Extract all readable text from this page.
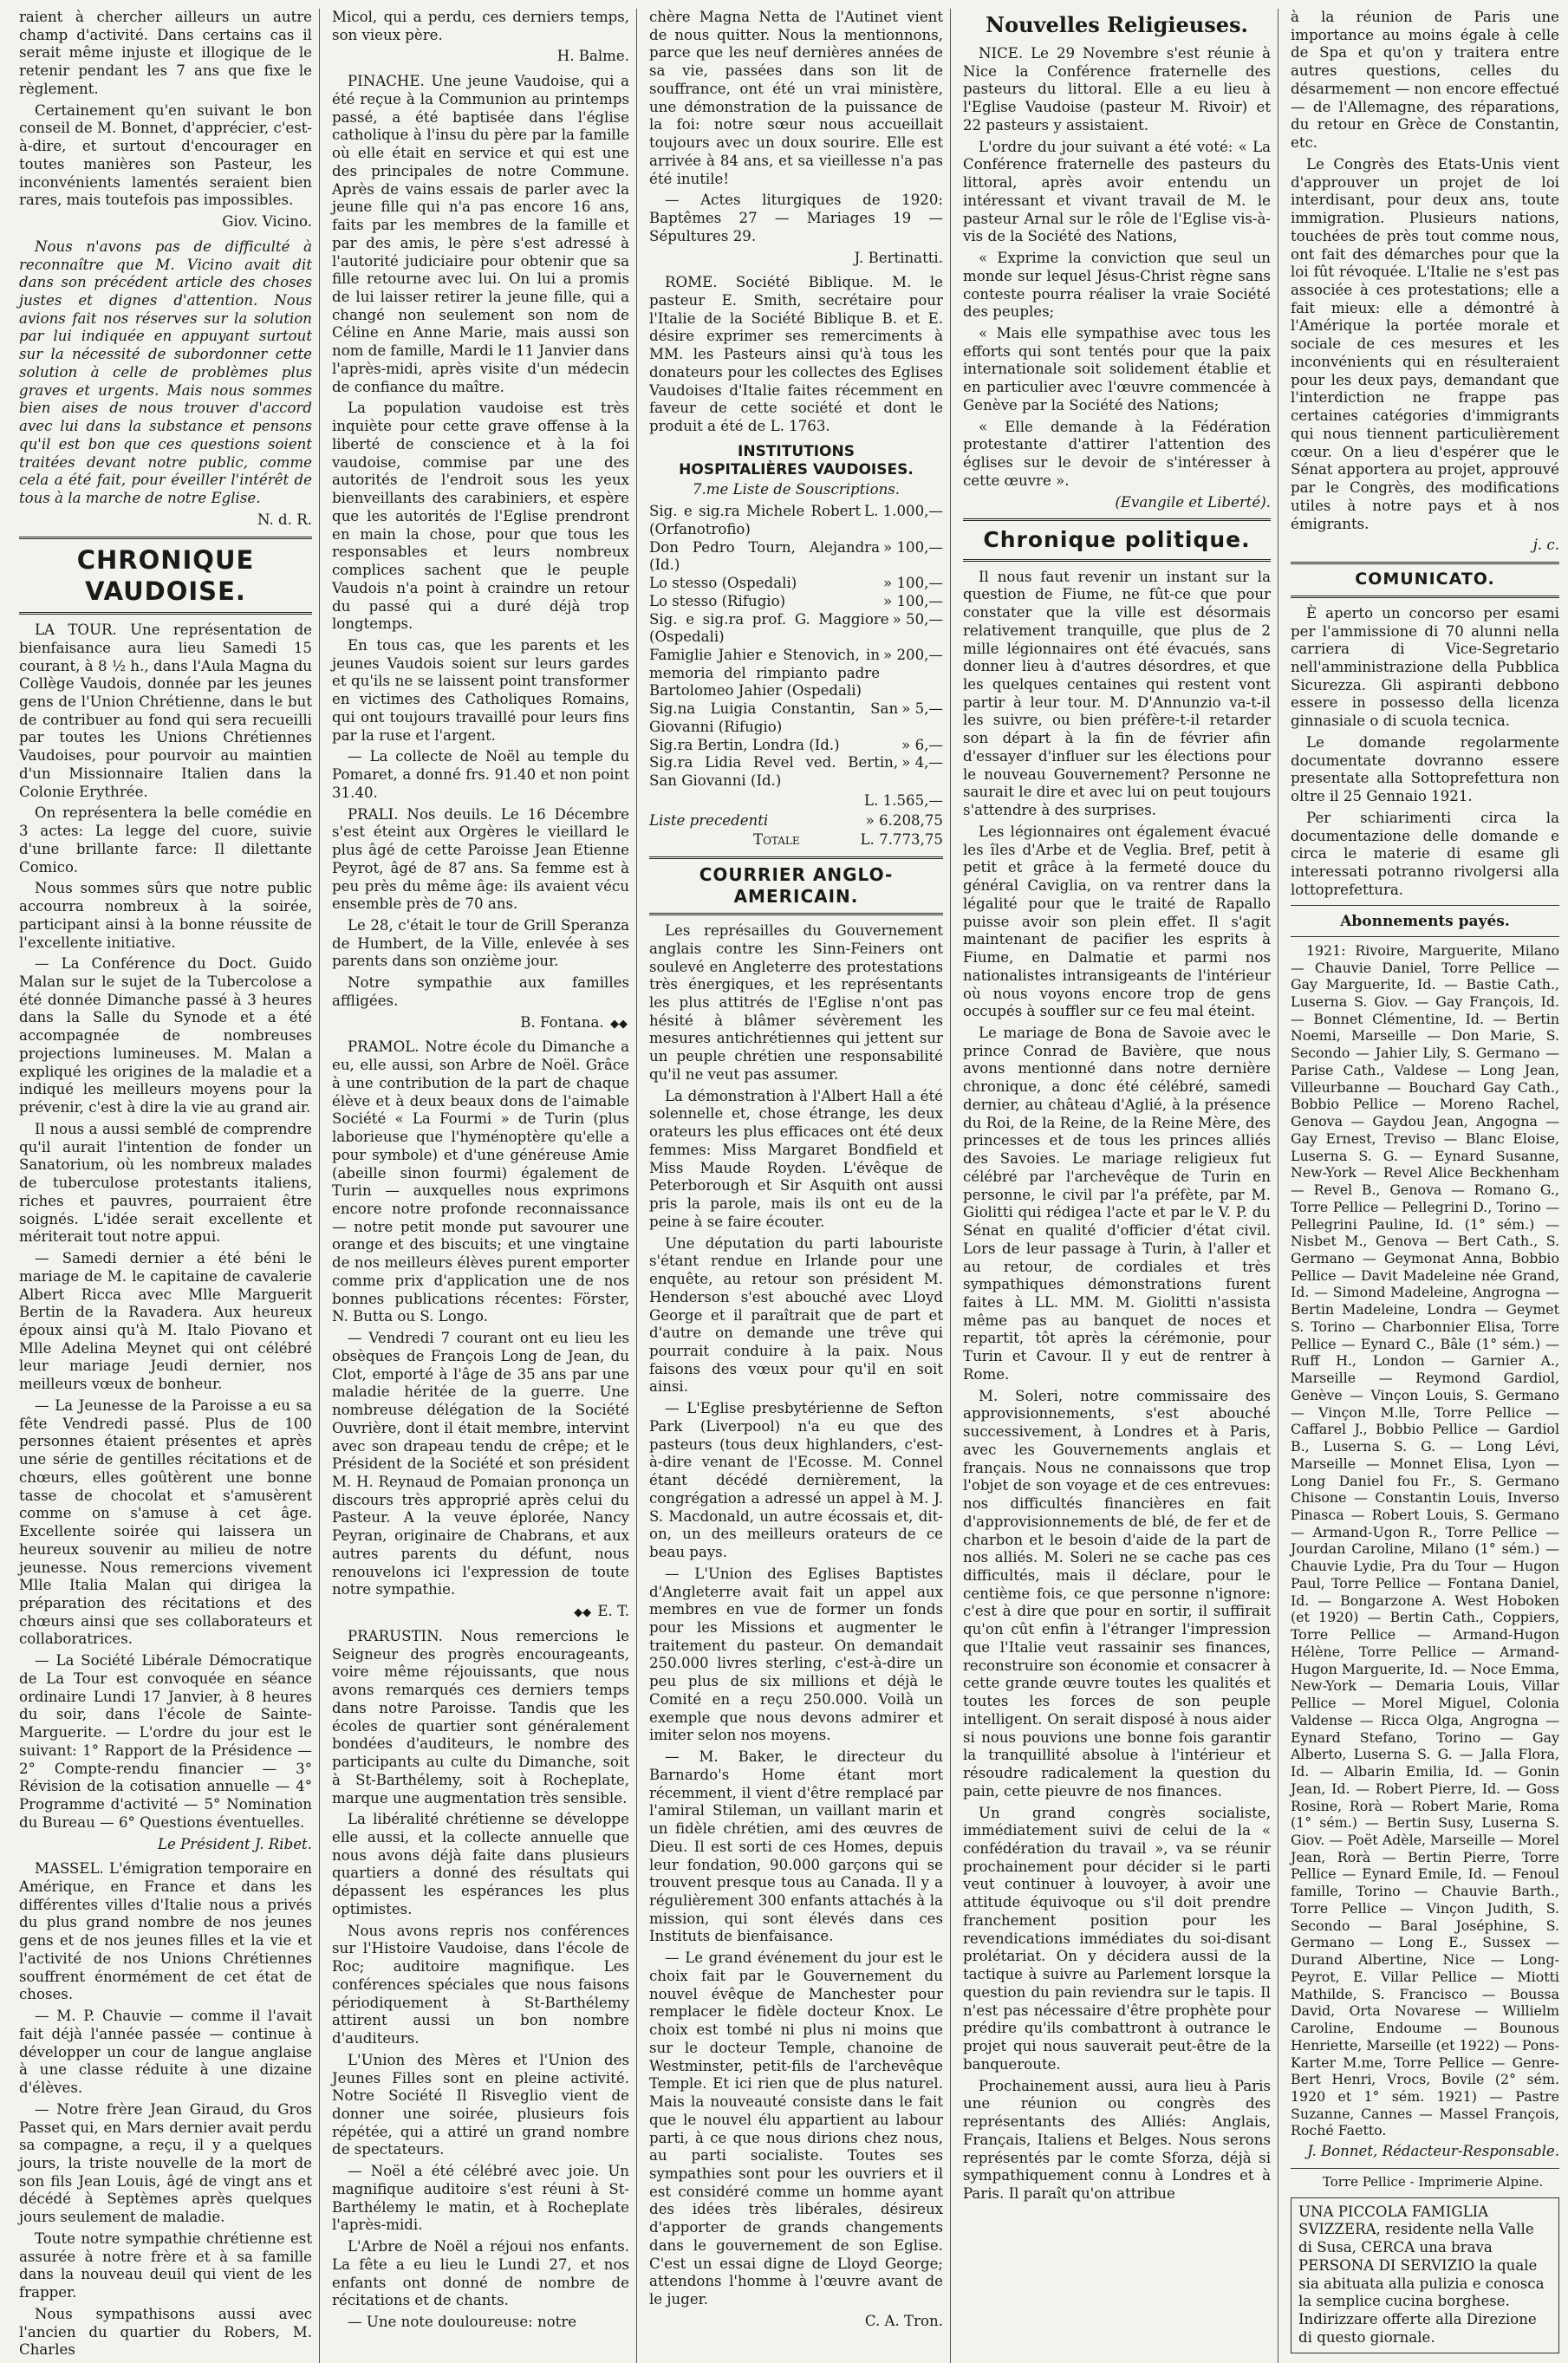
raient à chercher ailleurs un autre champ d'activité. Dans certains cas il serait même injuste et illogique de le retenir pendant les 7 ans que fixe le règlement.

Certainement qu'en suivant le bon conseil de M. Bonnet, d'apprécier, c'est-à-dire, et surtout d'encourager en toutes manières son Pasteur, les inconvénients lamentés seraient bien rares, mais toutefois pas impossibles.

Giov. Vicino.

Nous n'avons pas de difficulté à reconnaître que M. Vicino avait dit dans son précédent article des choses justes et dignes d'attention. Nous avions fait nos réserves sur la solution par lui indiquée en appuyant surtout sur la nécessité de subordonner cette solution à celle de problèmes plus graves et urgents. Mais nous sommes bien aises de nous trouver d'accord avec lui dans la substance et pensons qu'il est bon que ces questions soient traitées devant notre public, comme cela a été fait, pour éveiller l'intérêt de tous à la marche de notre Eglise.

N. d. R.

CHRONIQUE VAUDOISE.

LA TOUR. Une représentation de bienfaisance aura lieu Samedi 15 courant, à 8 ½ h., dans l'Aula Magna du Collège Vaudois, donnée par les jeunes gens de l'Union Chrétienne, dans le but de contribuer au fond qui sera recueilli par toutes les Unions Chrétiennes Vaudoises, pour pourvoir au maintien d'un Missionnaire Italien dans la Colonie Erythrée.

On représentera la belle comédie en 3 actes: La legge del cuore, suivie d'une brillante farce: Il dilettante Comico.

Nous sommes sûrs que notre public accourra nombreux à la soirée, participant ainsi à la bonne réussite de l'excellente initiative.

— La Conférence du Doct. Guido Malan sur le sujet de la Tubercolose a été donnée Dimanche passé à 3 heures dans la Salle du Synode et a été accompagnée de nombreuses projections lumineuses. M. Malan a expliqué les origines de la maladie et a indiqué les meilleurs moyens pour la prévenir, c'est à dire la vie au grand air.

Il nous a aussi semblé de comprendre qu'il aurait l'intention de fonder un Sanatorium, où les nombreux malades de tuberculose protestants italiens, riches et pauvres, pourraient être soignés. L'idée serait excellente et mériterait tout notre appui.

— Samedi dernier a été béni le mariage de M. le capitaine de cavalerie Albert Ricca avec Mlle Marguerit Bertin de la Ravadera. Aux heureux époux ainsi qu'à M. Italo Piovano et Mlle Adelina Meynet qui ont célébré leur mariage Jeudi dernier, nos meilleurs vœux de bonheur.

— La Jeunesse de la Paroisse a eu sa fête Vendredi passé. Plus de 100 personnes étaient présentes et après une série de gentilles récitations et de chœurs, elles goûtèrent une bonne tasse de chocolat et s'amusèrent comme on s'amuse à cet âge. Excellente soirée qui laissera un heureux souvenir au milieu de notre jeunesse. Nous remercions vivement Mlle Italia Malan qui dirigea la préparation des récitations et des chœurs ainsi que ses collaborateurs et collaboratrices.

— La Société Libérale Démocratique de La Tour est convoquée en séance ordinaire Lundi 17 Janvier, à 8 heures du soir, dans l'école de Sainte-Marguerite. — L'ordre du jour est le suivant: 1° Rapport de la Présidence — 2° Compte-rendu financier — 3° Révision de la cotisation annuelle — 4° Programme d'activité — 5° Nomination du Bureau — 6° Questions éventuelles.

Le Président J. Ribet.

MASSEL. L'émigration temporaire en Amérique, en France et dans les différentes villes d'Italie nous a privés du plus grand nombre de nos jeunes gens et de nos jeunes filles et la vie et l'activité de nos Unions Chrétiennes souffrent énormément de cet état de choses.

— M. P. Chauvie — comme il l'avait fait déjà l'année passée — continue à développer un cour de langue anglaise à une classe réduite à une dizaine d'élèves.

— Notre frère Jean Giraud, du Gros Passet qui, en Mars dernier avait perdu sa compagne, a reçu, il y a quelques jours, la triste nouvelle de la mort de son fils Jean Louis, âgé de vingt ans et décédé à Septèmes après quelques jours seulement de maladie.

Toute notre sympathie chrétienne est assurée à notre frère et à sa famille dans la nouveau deuil qui vient de les frapper.

Nous sympathisons aussi avec l'ancien du quartier du Robers, M. Charles

Micol, qui a perdu, ces derniers temps, son vieux père.

H. Balme.

PINACHE. Une jeune Vaudoise, qui a été reçue à la Communion au printemps passé, a été baptisée dans l'église catholique à l'insu du père par la famille où elle était en service et qui est une des principales de notre Commune. Après de vains essais de parler avec la jeune fille qui n'a pas encore 16 ans, faits par les membres de la famille et par des amis, le père s'est adressé à l'autorité judiciaire pour obtenir que sa fille retourne avec lui. On lui a promis de lui laisser retirer la jeune fille, qui a changé non seulement son nom de Céline en Anne Marie, mais aussi son nom de famille, Mardi le 11 Janvier dans l'après-midi, après visite d'un médecin de confiance du maître.

La population vaudoise est très inquiète pour cette grave offense à la liberté de conscience et à la foi vaudoise, commise par une des autorités de l'endroit sous les yeux bienveillants des carabiniers, et espère que les autorités de l'Eglise prendront en main la chose, pour que tous les responsables et leurs nombreux complices sachent que le peuple Vaudois n'a point à craindre un retour du passé qui a duré déjà trop longtemps.

En tous cas, que les parents et les jeunes Vaudois soient sur leurs gardes et qu'ils ne se laissent point transformer en victimes des Catholiques Romains, qui ont toujours travaillé pour leurs fins par la ruse et l'argent.

— La collecte de Noël au temple du Pomaret, a donné frs. 91.40 et non point 31.40.

PRALI. Nos deuils. Le 16 Décembre s'est éteint aux Orgères le vieillard le plus âgé de cette Paroisse Jean Etienne Peyrot, âgé de 87 ans. Sa femme est à peu près du même âge: ils avaient vécu ensemble près de 70 ans.

Le 28, c'était le tour de Grill Speranza de Humbert, de la Ville, enlevée à ses parents dans son onzième jour.

Notre sympathie aux familles affligées.

B. Fontana. ◆◆

PRAMOL. Notre école du Dimanche a eu, elle aussi, son Arbre de Noël. Grâce à une contribution de la part de chaque élève et à deux beaux dons de l'aimable Société « La Fourmi » de Turin (plus laborieuse que l'hyménoptère qu'elle a pour symbole) et d'une généreuse Amie (abeille sinon fourmi) également de Turin — auxquelles nous exprimons encore notre profonde reconnaissance — notre petit monde put savourer une orange et des biscuits; et une vingtaine de nos meilleurs élèves purent emporter comme prix d'application une de nos bonnes publications récentes: Förster, N. Butta ou S. Longo.

— Vendredi 7 courant ont eu lieu les obsèques de François Long de Jean, du Clot, emporté à l'âge de 35 ans par une maladie héritée de la guerre. Une nombreuse délégation de la Société Ouvrière, dont il était membre, intervint avec son drapeau tendu de crêpe; et le Président de la Société et son président M. H. Reynaud de Pomaian prononça un discours très approprié après celui du Pasteur. A la veuve éplorée, Nancy Peyran, originaire de Chabrans, et aux autres parents du défunt, nous renouvelons ici l'expression de toute notre sympathie.

◆◆ E. T.

PRARUSTIN. Nous remercions le Seigneur des progrès encourageants, voire même réjouissants, que nous avons remarqués ces derniers temps dans notre Paroisse. Tandis que les écoles de quartier sont généralement bondées d'auditeurs, le nombre des participants au culte du Dimanche, soit à St-Barthélemy, soit à Rocheplate, marque une augmentation très sensible.

La libéralité chrétienne se développe elle aussi, et la collecte annuelle que nous avons déjà faite dans plusieurs quartiers a donné des résultats qui dépassent les espérances les plus optimistes.

Nous avons repris nos conférences sur l'Histoire Vaudoise, dans l'école de Roc; auditoire magnifique. Les conférences spéciales que nous faisons périodiquement à St-Barthélemy attirent aussi un bon nombre d'auditeurs.

L'Union des Mères et l'Union des Jeunes Filles sont en pleine activité. Notre Société Il Risveglio vient de donner une soirée, plusieurs fois répétée, qui a attiré un grand nombre de spectateurs.

— Noël a été célébré avec joie. Un magnifique auditoire s'est réuni à St-Barthélemy le matin, et à Rocheplate l'après-midi.

L'Arbre de Noël a réjoui nos enfants. La fête a eu lieu le Lundi 27, et nos enfants ont donné de nombre de récitations et de chants.

— Une note douloureuse: notre

chère Magna Netta de l'Autinet vient de nous quitter. Nous la mentionnons, parce que les neuf dernières années de sa vie, passées dans son lit de souffrance, ont été un vrai ministère, une démonstration de la puissance de la foi: notre sœur nous accueillait toujours avec un doux sourire. Elle est arrivée à 84 ans, et sa vieillesse n'a pas été inutile!

— Actes liturgiques de 1920: Baptêmes 27 — Mariages 19 — Sépultures 29.

J. Bertinatti.

ROME. Société Biblique. M. le pasteur E. Smith, secrétaire pour l'Italie de la Société Biblique B. et E. désire exprimer ses remerciments à MM. les Pasteurs ainsi qu'à tous les donateurs pour les collectes des Eglises Vaudoises d'Italie faites récemment en faveur de cette société et dont le produit a été de L. 1763.

INSTITUTIONS
HOSPITALIÈRES VAUDOISES.

7.me Liste de Souscriptions.

Sig. e sig.ra Michele Robert (Orfanotrofio)
L. 1.000,—
Don Pedro Tourn, Alejandra (Id.)
» 100,—
Lo stesso (Ospedali)	» 100,—
Lo stesso (Rifugio)	» 100,—
Sig. e sig.ra prof. G. Maggiore (Ospedali)
» 50,—
Famiglie Jahier e Stenovich, in memoria del rimpianto padre Bartolomeo Jahier (Ospedali)
» 200,—
Sig.na Luigia Constantin, San Giovanni (Rifugio)
» 5,—
Sig.ra Bertin, Londra (Id.)	» 6,—
Sig.ra Lidia Revel ved. Bertin, San Giovanni (Id.)
» 4,—
L. 1.565,—
Liste precedenti	» 6.208,75
Totale	L. 7.773,75
COURRIER ANGLO-AMERICAIN.

Les représailles du Gouvernement anglais contre les Sinn-Feiners ont soulevé en Angleterre des protestations très énergiques, et les représentants les plus attitrés de l'Eglise n'ont pas hésité à blâmer sévèrement les mesures antichrétiennes qui jettent sur un peuple chrétien une responsabilité qu'il ne veut pas assumer.

La démonstration à l'Albert Hall a été solennelle et, chose étrange, les deux orateurs les plus efficaces ont été deux femmes: Miss Margaret Bondfield et Miss Maude Royden. L'évêque de Peterborough et Sir Asquith ont aussi pris la parole, mais ils ont eu de la peine à se faire écouter.

Une députation du parti labouriste s'étant rendue en Irlande pour une enquête, au retour son président M. Henderson s'est abouché avec Lloyd George et il paraîtrait que de part et d'autre on demande une trêve qui pourrait conduire à la paix. Nous faisons des vœux pour qu'il en soit ainsi.

— L'Eglise presbytérienne de Sefton Park (Liverpool) n'a eu que des pasteurs (tous deux highlanders, c'est-à-dire venant de l'Ecosse. M. Connel étant décédé dernièrement, la congrégation a adressé un appel à M. J. S. Macdonald, un autre écossais et, dit-on, un des meilleurs orateurs de ce beau pays.

— L'Union des Eglises Baptistes d'Angleterre avait fait un appel aux membres en vue de former un fonds pour les Missions et augmenter le traitement du pasteur. On demandait 250.000 livres sterling, c'est-à-dire un peu plus de six millions et déjà le Comité en a reçu 250.000. Voilà un exemple que nous devons admirer et imiter selon nos moyens.

— M. Baker, le directeur du Barnardo's Home étant mort récemment, il vient d'être remplacé par l'amiral Stileman, un vaillant marin et un fidèle chrétien, ami des œuvres de Dieu. Il est sorti de ces Homes, depuis leur fondation, 90.000 garçons qui se trouvent presque tous au Canada. Il y a régulièrement 300 enfants attachés à la mission, qui sont élevés dans ces Instituts de bienfaisance.

— Le grand événement du jour est le choix fait par le Gouvernement du nouvel évêque de Manchester pour remplacer le fidèle docteur Knox. Le choix est tombé ni plus ni moins que sur le docteur Temple, chanoine de Westminster, petit-fils de l'archevêque Temple. Et ici rien que de plus naturel. Mais la nouveauté consiste dans le fait que le nouvel élu appartient au labour parti, à ce que nous dirions chez nous, au parti socialiste. Toutes ses sympathies sont pour les ouvriers et il est considéré comme un homme ayant des idées très libérales, désireux d'apporter de grands changements dans le gouvernement de son Eglise. C'est un essai digne de Lloyd George; attendons l'homme à l'œuvre avant de le juger.

C. A. Tron.

Nouvelles Religieuses.

NICE. Le 29 Novembre s'est réunie à Nice la Conférence fraternelle des pasteurs du littoral. Elle a eu lieu à l'Eglise Vaudoise (pasteur M. Rivoir) et 22 pasteurs y assistaient.

L'ordre du jour suivant a été voté: « La Conférence fraternelle des pasteurs du littoral, après avoir entendu un intéressant et vivant travail de M. le pasteur Arnal sur le rôle de l'Eglise vis-à-vis de la Société des Nations,

« Exprime la conviction que seul un monde sur lequel Jésus-Christ règne sans conteste pourra réaliser la vraie Société des peuples;

« Mais elle sympathise avec tous les efforts qui sont tentés pour que la paix internationale soit solidement établie et en particulier avec l'œuvre commencée à Genève par la Société des Nations;

« Elle demande à la Fédération protestante d'attirer l'attention des églises sur le devoir de s'intéresser à cette œuvre ».

(Evangile et Liberté).

Chronique politique.

Il nous faut revenir un instant sur la question de Fiume, ne fût-ce que pour constater que la ville est désormais relativement tranquille, que plus de 2 mille légionnaires ont été évacués, sans donner lieu à d'autres désordres, et que les quelques centaines qui restent vont partir à leur tour. M. D'Annunzio va-t-il les suivre, ou bien préfère-t-il retarder son départ à la fin de février afin d'essayer d'influer sur les élections pour le nouveau Gouvernement? Personne ne saurait le dire et avec lui on peut toujours s'attendre à des surprises.

Les légionnaires ont également évacué les îles d'Arbe et de Veglia. Bref, petit à petit et grâce à la fermeté douce du général Caviglia, on va rentrer dans la légalité pour que le traité de Rapallo puisse avoir son plein effet. Il s'agit maintenant de pacifier les esprits à Fiume, en Dalmatie et parmi nos nationalistes intransigeants de l'intérieur où nous voyons encore trop de gens occupés à souffler sur ce feu mal éteint.

Le mariage de Bona de Savoie avec le prince Conrad de Bavière, que nous avons mentionné dans notre dernière chronique, a donc été célébré, samedi dernier, au château d'Aglié, à la présence du Roi, de la Reine, de la Reine Mère, des princesses et de tous les princes alliés des Savoies. Le mariage religieux fut célébré par l'archevêque de Turin en personne, le civil par l'a préfète, par M. Giolitti qui rédigea l'acte et par le V. P. du Sénat en qualité d'officier d'état civil. Lors de leur passage à Turin, à l'aller et au retour, de cordiales et très sympathiques démonstrations furent faites à LL. MM. M. Giolitti n'assista même pas au banquet de noces et repartit, tôt après la cérémonie, pour Turin et Cavour. Il y eut de rentrer à Rome.

M. Soleri, notre commissaire des approvisionnements, s'est abouché successivement, à Londres et à Paris, avec les Gouvernements anglais et français. Nous ne connaissons que trop l'objet de son voyage et de ces entrevues: nos difficultés financières en fait d'approvisionnements de blé, de fer et de charbon et le besoin d'aide de la part de nos alliés. M. Soleri ne se cache pas ces difficultés, mais il déclare, pour le centième fois, ce que personne n'ignore: c'est à dire que pour en sortir, il suffirait qu'on cût enfin à l'étranger l'impression que l'Italie veut rassainir ses finances, reconstruire son économie et consacrer à cette grande œuvre toutes les qualités et toutes les forces de son peuple intelligent. On serait disposé à nous aider si nous pouvions une bonne fois garantir la tranquillité absolue à l'intérieur et résoudre radicalement la question du pain, cette pieuvre de nos finances.

Un grand congrès socialiste, immédiatement suivi de celui de la « confédération du travail », va se réunir prochainement pour décider si le parti veut continuer à louvoyer, à avoir une attitude équivoque ou s'il doit prendre franchement position pour les revendications immédiates du soi-disant prolétariat. On y décidera aussi de la tactique à suivre au Parlement lorsque la question du pain reviendra sur le tapis. Il n'est pas nécessaire d'être prophète pour prédire qu'ils combattront à outrance le projet qui nous sauverait peut-être de la banqueroute.

Prochainement aussi, aura lieu à Paris une réunion ou congrès des représentants des Alliés: Anglais, Français, Italiens et Belges. Nous serons représentés par le comte Sforza, déjà si sympathiquement connu à Londres et à Paris. Il paraît qu'on attribue

à la réunion de Paris une importance au moins égale à celle de Spa et qu'on y traitera entre autres questions, celles du désarmement — non encore effectué — de l'Allemagne, des réparations, du retour en Grèce de Constantin, etc.

Le Congrès des Etats-Unis vient d'approuver un projet de loi interdisant, pour deux ans, toute immigration. Plusieurs nations, touchées de près tout comme nous, ont fait des démarches pour que la loi fût révoquée. L'Italie ne s'est pas associée à ces protestations; elle a fait mieux: elle a démontré à l'Amérique la portée morale et sociale de ces mesures et les inconvénients qui en résulteraient pour les deux pays, demandant que l'interdiction ne frappe pas certaines catégories d'immigrants qui nous tiennent particulièrement cœur. On a lieu d'espérer que le Sénat apportera au projet, approuvé par le Congrès, des modifications utiles à notre pays et à nos émigrants.

j. c.

COMUNICATO.

È aperto un concorso per esami per l'ammissione di 70 alunni nella carriera di Vice-Segretario nell'amministrazione della Pubblica Sicurezza. Gli aspiranti debbono essere in possesso della licenza ginnasiale o di scuola tecnica.

Le domande regolarmente documentate dovranno essere presentate alla Sottoprefettura non oltre il 25 Gennaio 1921.

Per schiarimenti circa la documentazione delle domande e circa le materie di esame gli interessati potranno rivolgersi alla lottoprefettura.

Abonnements payés.

1921: Rivoire, Marguerite, Milano — Chauvie Daniel, Torre Pellice — Gay Marguerite, Id. — Bastie Cath., Luserna S. Giov. — Gay François, Id. — Bonnet Clémentine, Id. — Bertin Noemi, Marseille — Don Marie, S. Secondo — Jahier Lily, S. Germano — Parise Cath., Valdese — Long Jean, Villeurbanne — Bouchard Gay Cath., Bobbio Pellice — Moreno Rachel, Genova — Gaydou Jean, Angogna — Gay Ernest, Treviso — Blanc Eloise, Luserna S. G. — Eynard Susanne, New-York — Revel Alice Beckhenham — Revel B., Genova — Romano G., Torre Pellice — Pellegrini D., Torino — Pellegrini Pauline, Id. (1° sém.) — Nisbet M., Genova — Bert Cath., S. Germano — Geymonat Anna, Bobbio Pellice — Davit Madeleine née Grand, Id. — Simond Madeleine, Angrogna — Bertin Madeleine, Londra — Geymet S. Torino — Charbonnier Elisa, Torre Pellice — Eynard C., Bâle (1° sém.) — Ruff H., London — Garnier A., Marseille — Reymond Gardiol, Genève — Vinçon Louis, S. Germano — Vinçon M.lle, Torre Pellice — Caffarel J., Bobbio Pellice — Gardiol B., Luserna S. G. — Long Lévi, Marseille — Monnet Elisa, Lyon — Long Daniel fou Fr., S. Germano Chisone — Constantin Louis, Inverso Pinasca — Robert Louis, S. Germano — Armand-Ugon R., Torre Pellice — Jourdan Caroline, Milano (1° sém.) — Chauvie Lydie, Pra du Tour — Hugon Paul, Torre Pellice — Fontana Daniel, Id. — Bongarzone A. West Hoboken (et 1920) — Bertin Cath., Coppiers, Torre Pellice — Armand-Hugon Hélène, Torre Pellice — Armand-Hugon Marguerite, Id. — Noce Emma, New-York — Demaria Louis, Villar Pellice — Morel Miguel, Colonia Valdense — Ricca Olga, Angrogna — Eynard Stefano, Torino — Gay Alberto, Luserna S. G. — Jalla Flora, Id. — Albarin Emilia, Id. — Gonin Jean, Id. — Robert Pierre, Id. — Goss Rosine, Rorà — Robert Marie, Roma (1° sém.) — Bertin Susy, Luserna S. Giov. — Poët Adèle, Marseille — Morel Jean, Rorà — Bertin Pierre, Torre Pellice — Eynard Emile, Id. — Fenoul famille, Torino — Chauvie Barth., Torre Pellice — Vinçon Judith, S. Secondo — Baral Joséphine, S. Germano — Long E., Sussex — Durand Albertine, Nice — Long-Peyrot, E. Villar Pellice — Miotti Mathilde, S. Francisco — Boussa David, Orta Novarese — Willielm Caroline, Endoume — Bounous Henriette, Marseille (et 1922) — Pons-Karter M.me, Torre Pellice — Genre-Bert Henri, Vrocs, Bovile (2° sém. 1920 et 1° sém. 1921) — Pastre Suzanne, Cannes — Massel François, Roché Faetto.

J. Bonnet, Rédacteur-Responsable.

Torre Pellice - Imprimerie Alpine.

UNA PICCOLA FAMIGLIA SVIZZERA, residente nella Valle di Susa, CERCA una brava PERSONA DI SERVIZIO la quale sia abituata alla pulizia e conosca la semplice cucina borghese. Indirizzare offerte alla Direzione di questo giornale.
